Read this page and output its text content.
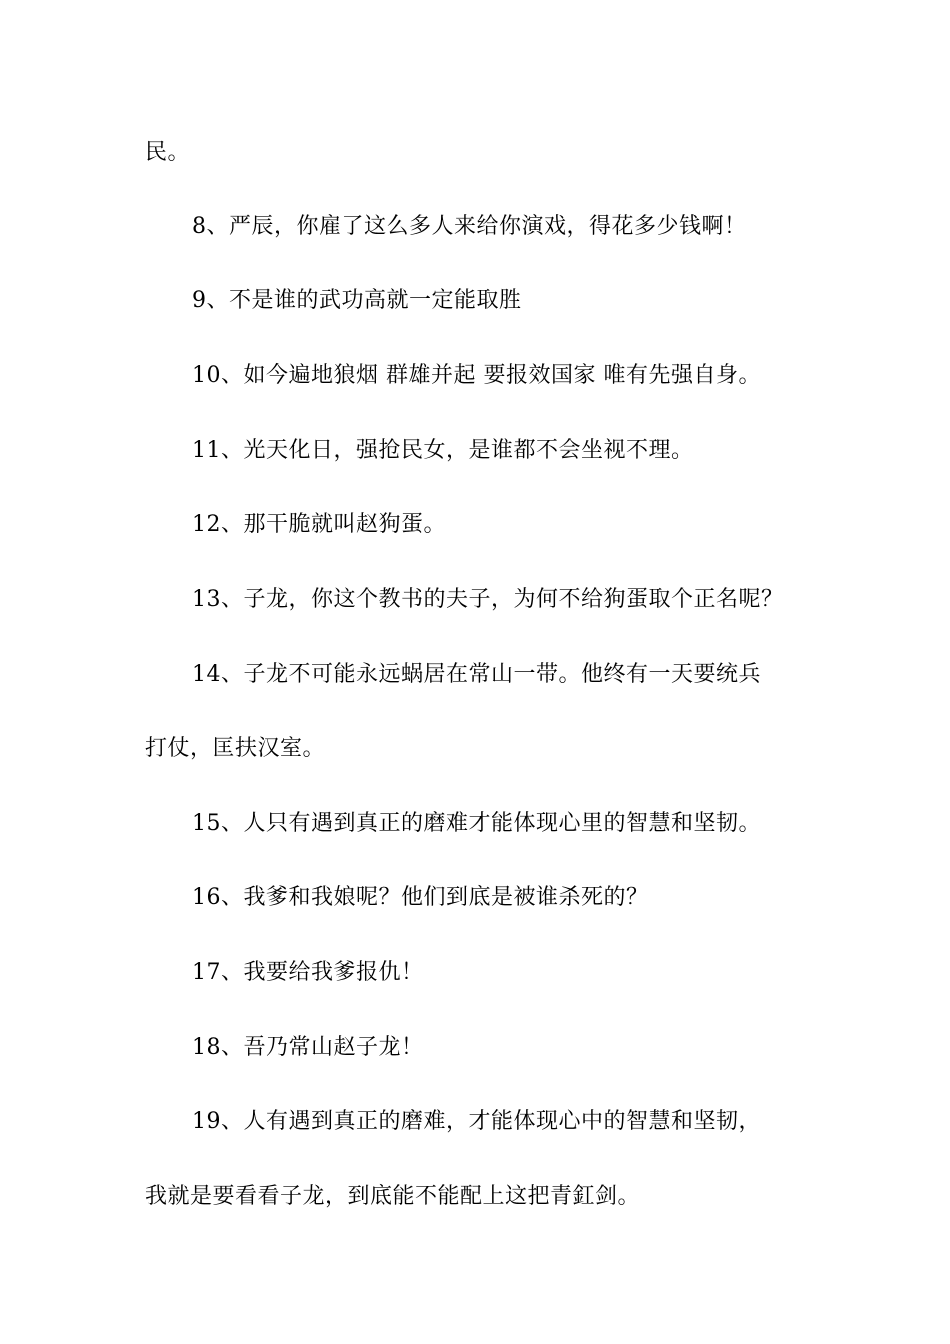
民。
8、严辰，你雇了这么多人来给你演戏，得花多少钱啊！
9、不是谁的武功高就一定能取胜
10、如今遍地狼烟 群雄并起 要报效国家 唯有先强自身。
11、光天化日，强抢民女，是谁都不会坐视不理。
12、那干脆就叫赵狗蛋。
13、子龙，你这个教书的夫子，为何不给狗蛋取个正名呢？
14、子龙不可能永远蜗居在常山一带。他终有一天要统兵
打仗，匡扶汉室。
15、人只有遇到真正的磨难才能体现心里的智慧和坚韧。
16、我爹和我娘呢？他们到底是被谁杀死的？
17、我要给我爹报仇！
18、吾乃常山赵子龙！
19、人有遇到真正的磨难，才能体现心中的智慧和坚韧，
我就是要看看子龙，到底能不能配上这把青釭剑。
